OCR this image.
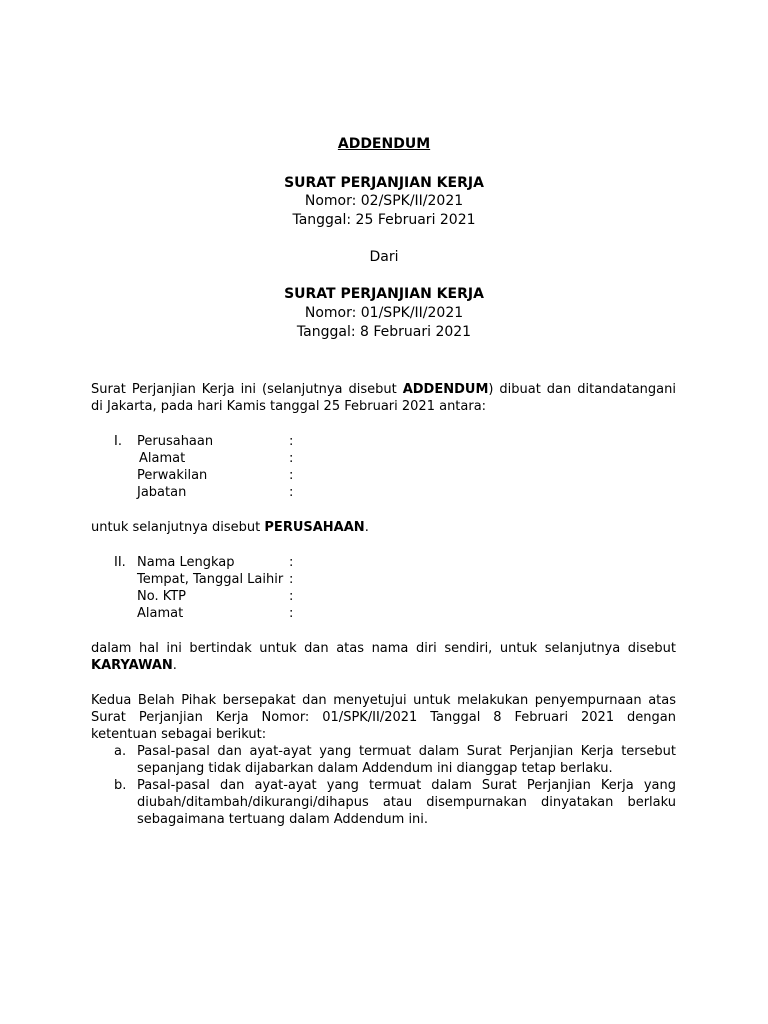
ADDENDUM
SURAT PERJANJIAN KERJA
Nomor: 02/SPK/II/2021
Tanggal: 25 Februari 2021
Dari
SURAT PERJANJIAN KERJA
Nomor: 01/SPK/II/2021
Tanggal: 8 Februari 2021
Surat Perjanjian Kerja ini (selanjutnya disebut ADDENDUM) dibuat dan ditandatangani
di Jakarta, pada hari Kamis tanggal 25 Februari 2021 antara:
I. Perusahaan	:
Alamat	:
Perwakilan	:
Jabatan	:
untuk selanjutnya disebut PERUSAHAAN.
II. Nama Lengkap	:
Tempat, Tanggal Laihir :
No. KTP	:
Alamat	:
dalam hal ini bertindak untuk dan atas nama diri sendiri, untuk selanjutnya disebut
KARYAWAN.
Kedua Belah Pihak bersepakat dan menyetujui untuk melakukan penyempurnaan atas
Surat Perjanjian Kerja Nomor: 01/SPK/II/2021 Tanggal 8 Februari 2021 dengan
ketentuan sebagai berikut:
a. Pasal-pasal dan ayat-ayat yang termuat dalam Surat Perjanjian Kerja tersebut
sepanjang tidak dijabarkan dalam Addendum ini dianggap tetap berlaku.
b. Pasal-pasal dan ayat-ayat yang termuat dalam Surat Perjanjian Kerja yang
diubah/ditambah/dikurangi/dihapus atau disempurnakan dinyatakan berlaku
sebagaimana tertuang dalam Addendum ini.
